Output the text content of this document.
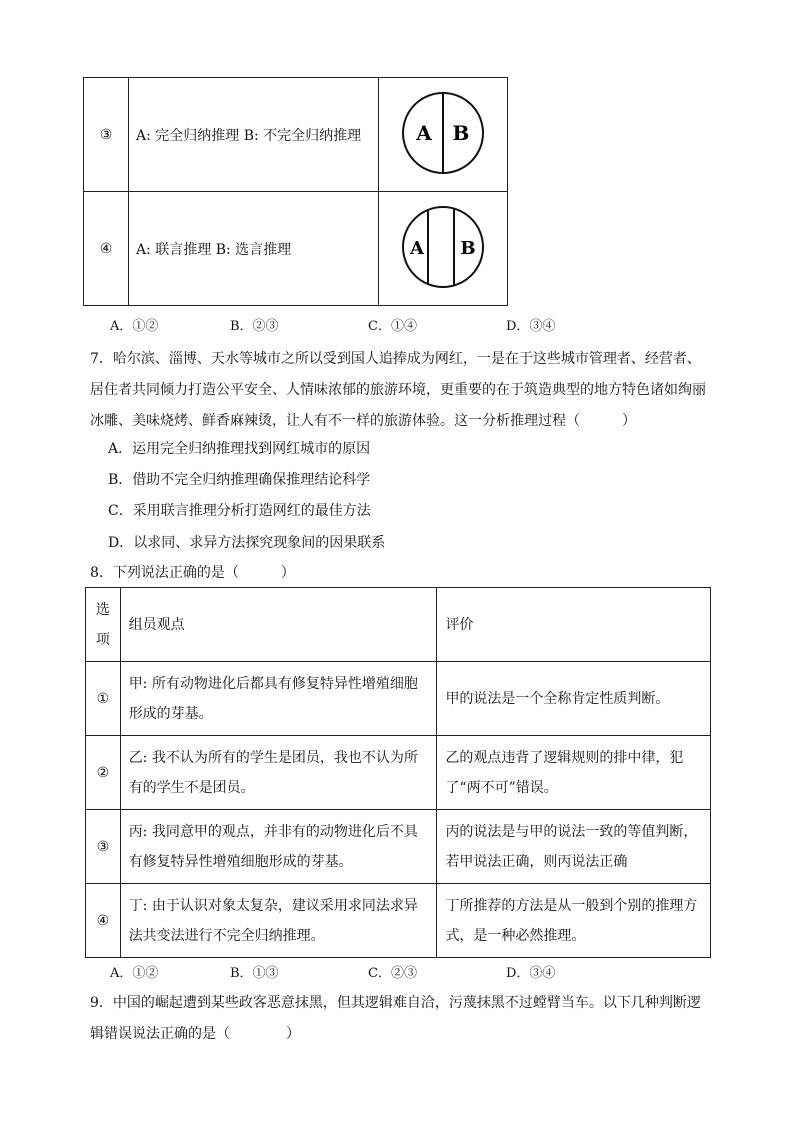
③	A: 完全归纳推理 B: 不完全归纳推理	A B

④	A: 联言推理 B: 选言推理	A B
A．①②	B．②③	C．①④	D．③④
7．哈尔滨、淄博、天水等城市之所以受到国人追捧成为网红，一是在于这些城市管理者、经营者、
居住者共同倾力打造公平安全、人情味浓郁的旅游环境，更重要的在于筑造典型的地方特色诸如绚丽
冰雕、美味烧烤、鲜香麻辣烫，让人有不一样的旅游体验。这一分析推理过程（　　　）
A．运用完全归纳推理找到网红城市的原因
B．借助不完全归纳推理确保推理结论科学
C．采用联言推理分析打造网红的最佳方法
D．以求同、求异方法探究现象间的因果联系
8．下列说法正确的是（　　　）
选
项	组员观点	评价
①	甲: 所有动物进化后都具有修复特异性增殖细胞形成的芽基。	甲的说法是一个全称肯定性质判断。
②	乙: 我不认为所有的学生是团员，我也不认为所有的学生不是团员。	乙的观点违背了逻辑规则的排中律，犯了“两不可”错误。
③	丙: 我同意甲的观点，并非有的动物进化后不具有修复特异性增殖细胞形成的芽基。	丙的说法是与甲的说法一致的等值判断，若甲说法正确，则丙说法正确
④	丁: 由于认识对象太复杂，建议采用求同法求异法共变法进行不完全归纳推理。	丁所推荐的方法是从一般到个别的推理方式，是一种必然推理。
A．①②	B．①③	C．②③	D．③④
9．中国的崛起遭到某些政客恶意抹黑，但其逻辑难自洽，污蔑抹黑不过螳臂当车。以下几种判断逻
辑错误说法正确的是（　　　　）
